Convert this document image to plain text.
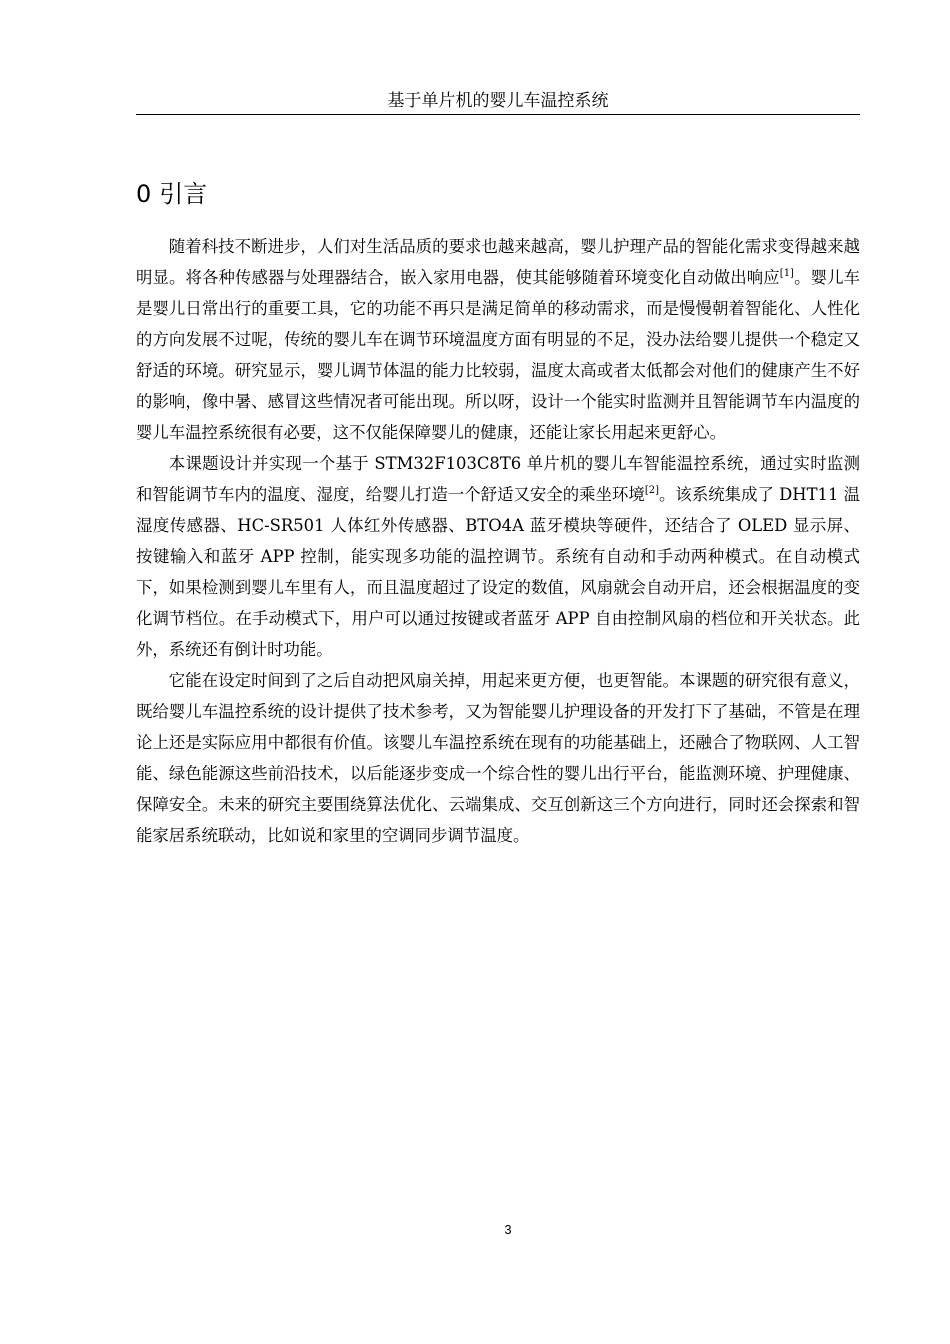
基于单片机的婴儿车温控系统
0 引言

随着科技不断进步，人们对生活品质的要求也越来越高，婴儿护理产品的智能化需求变得越来越明显。将各种传感器与处理器结合，嵌入家用电器，使其能够随着环境变化自动做出响应[1]。婴儿车是婴儿日常出行的重要工具，它的功能不再只是满足简单的移动需求，而是慢慢朝着智能化、人性化的方向发展不过呢，传统的婴儿车在调节环境温度方面有明显的不足，没办法给婴儿提供一个稳定又舒适的环境。研究显示，婴儿调节体温的能力比较弱，温度太高或者太低都会对他们的健康产生不好的影响，像中暑、感冒这些情况者可能出现。所以呀，设计一个能实时监测并且智能调节车内温度的婴儿车温控系统很有必要，这不仅能保障婴儿的健康，还能让家长用起来更舒心。

本课题设计并实现一个基于 STM32F103C8T6 单片机的婴儿车智能温控系统，通过实时监测和智能调节车内的温度、湿度，给婴儿打造一个舒适又安全的乘坐环境[2]。该系统集成了 DHT11 温湿度传感器、HC-SR501 人体红外传感器、BTO4A 蓝牙模块等硬件，还结合了 OLED 显示屏、按键输入和蓝牙 APP 控制，能实现多功能的温控调节。系统有自动和手动两种模式。在自动模式下，如果检测到婴儿车里有人，而且温度超过了设定的数值，风扇就会自动开启，还会根据温度的变化调节档位。在手动模式下，用户可以通过按键或者蓝牙 APP 自由控制风扇的档位和开关状态。此外，系统还有倒计时功能。

它能在设定时间到了之后自动把风扇关掉，用起来更方便，也更智能。本课题的研究很有意义，既给婴儿车温控系统的设计提供了技术参考，又为智能婴儿护理设备的开发打下了基础，不管是在理论上还是实际应用中都很有价值。该婴儿车温控系统在现有的功能基础上，还融合了物联网、人工智能、绿色能源这些前沿技术，以后能逐步变成一个综合性的婴儿出行平台，能监测环境、护理健康、保障安全。未来的研究主要围绕算法优化、云端集成、交互创新这三个方向进行，同时还会探索和智能家居系统联动，比如说和家里的空调同步调节温度。

3
